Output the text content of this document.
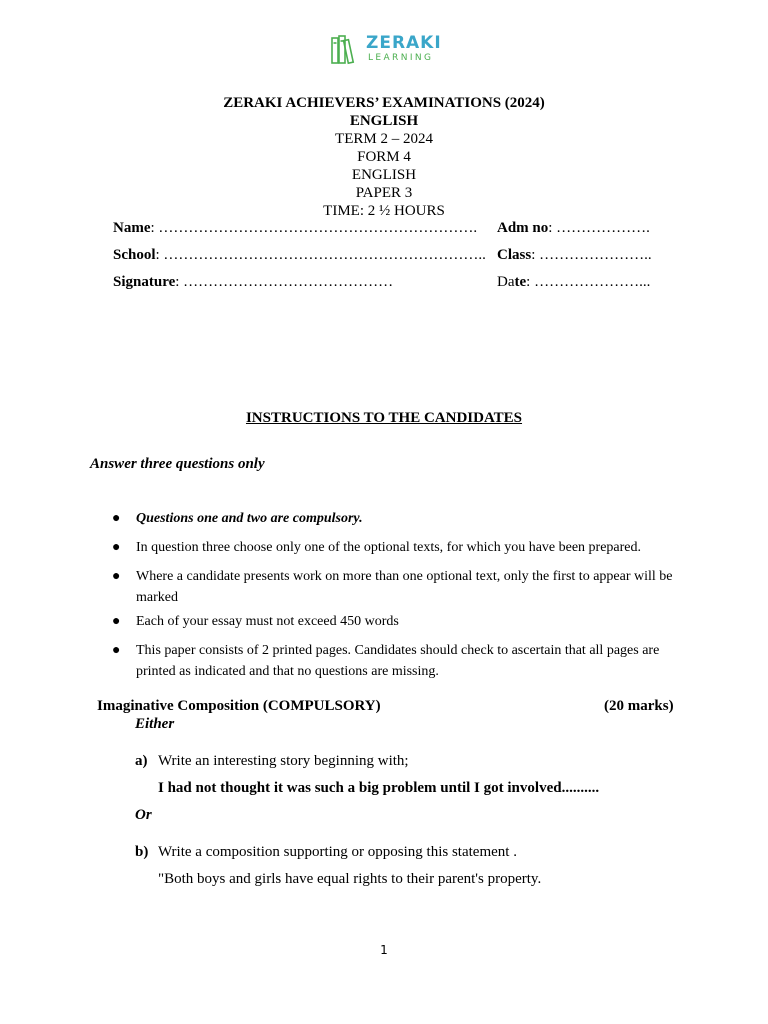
ZERAKI
LEARNING
ZERAKI ACHIEVERS’ EXAMINATIONS (2024)
ENGLISH
TERM 2 – 2024
FORM 4
ENGLISH
PAPER 3
TIME: 2 ½ HOURS
Name: ………………………………………………………. Adm no: ……………….
School: ……………………………………………………….. Class: …………………..
Signature: ……………………………………	Date: …………………...
INSTRUCTIONS TO THE CANDIDATES
Answer three questions only
● Questions one and two are compulsory.
● In question three choose only one of the optional texts, for which you have been prepared.
● Where a candidate presents work on more than one optional text, only the first to appear will be marked
● Each of your essay must not exceed 450 words
● This paper consists of 2 printed pages. Candidates should check to ascertain that all pages are printed as indicated and that no questions are missing.
Imaginative Composition (COMPULSORY)	(20 marks)
Either
a) Write an interesting story beginning with;
I had not thought it was such a big problem until I got involved..........
Or
b) Write a composition supporting or opposing this statement .
"Both boys and girls have equal rights to their parent's property.
1
